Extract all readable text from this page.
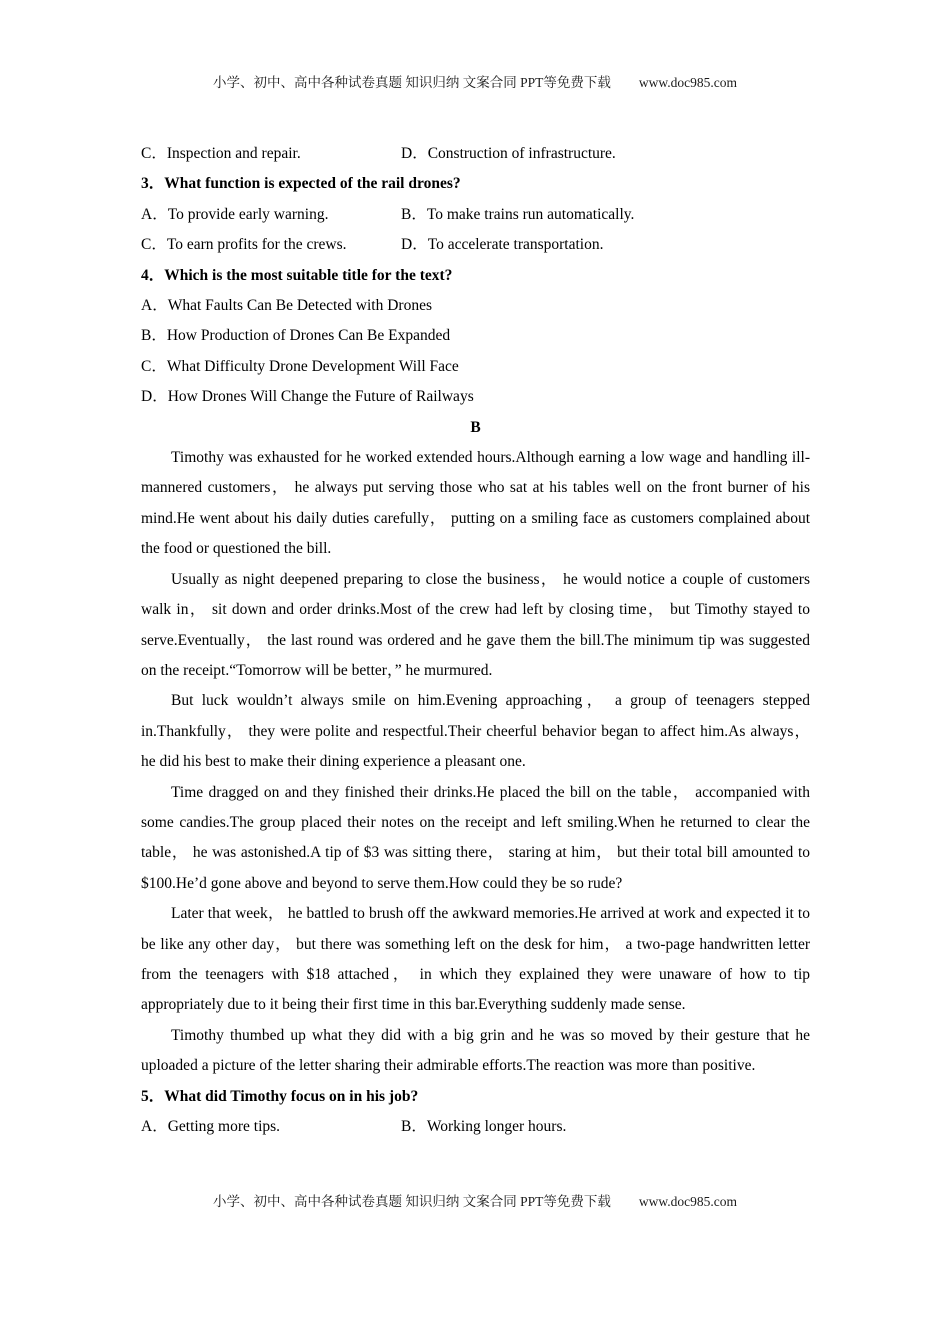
小学、初中、高中各种试卷真题 知识归纳 文案合同 PPT等免费下载 www.doc985.com
C．Inspection and repair.	D．Construction of infrastructure.
3．What function is expected of the rail drones?
A．To provide early warning.	B．To make trains run automatically.
C．To earn profits for the crews.	D．To accelerate transportation.
4．Which is the most suitable title for the text?
A．What Faults Can Be Detected with Drones
B．How Production of Drones Can Be Expanded
C．What Difficulty Drone Development Will Face
D．How Drones Will Change the Future of Railways
B

Timothy was exhausted for he worked extended hours.Although earning a low wage and handling ill-mannered customers， he always put serving those who sat at his tables well on the front burner of his mind.He went about his daily duties carefully， putting on a smiling face as customers complained about the food or questioned the bill.

Usually as night deepened preparing to close the business， he would notice a couple of customers walk in， sit down and order drinks.Most of the crew had left by closing time， but Timothy stayed to serve.Eventually， the last round was ordered and he gave them the bill.The minimum tip was suggested on the receipt.“Tomorrow will be better，” he murmured.

But luck wouldn’t always smile on him.Evening approaching， a group of teenagers stepped in.Thankfully， they were polite and respectful.Their cheerful behavior began to affect him.As always， he did his best to make their dining experience a pleasant one.

Time dragged on and they finished their drinks.He placed the bill on the table， accompanied with some candies.The group placed their notes on the receipt and left smiling.When he returned to clear the table， he was astonished.A tip of $3 was sitting there， staring at him， but their total bill amounted to $100.He’d gone above and beyond to serve them.How could they be so rude?

Later that week， he battled to brush off the awkward memories.He arrived at work and expected it to be like any other day， but there was something left on the desk for him， a two-page handwritten letter from the teenagers with $18 attached， in which they explained they were unaware of how to tip appropriately due to it being their first time in this bar.Everything suddenly made sense.

Timothy thumbed up what they did with a big grin and he was so moved by their gesture that he uploaded a picture of the letter sharing their admirable efforts.The reaction was more than positive.

5．What did Timothy focus on in his job?
A．Getting more tips.	B．Working longer hours.
小学、初中、高中各种试卷真题 知识归纳 文案合同 PPT等免费下载 www.doc985.com
